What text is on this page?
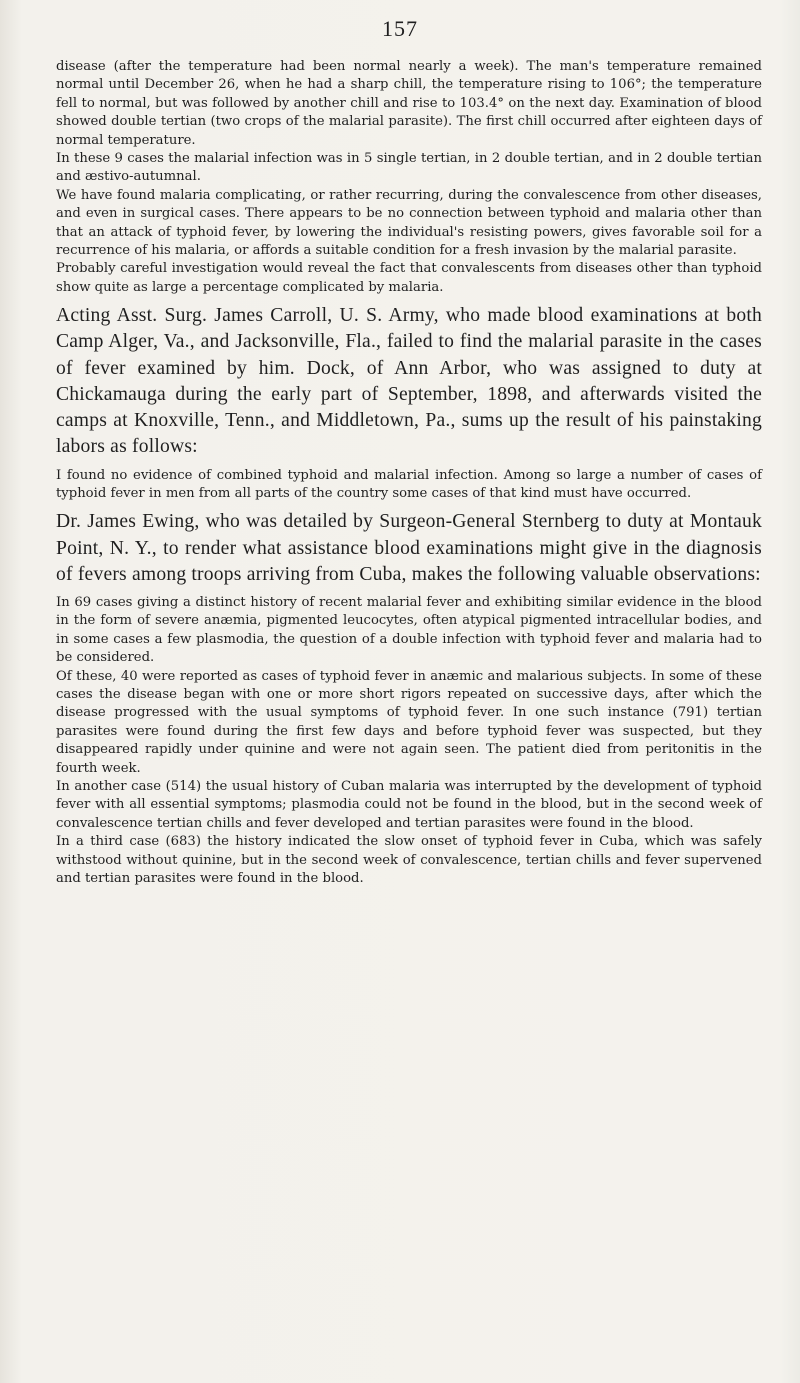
157

disease (after the temperature had been normal nearly a week). The man's temperature remained normal until December 26, when he had a sharp chill, the temperature rising to 106°; the temperature fell to normal, but was followed by another chill and rise to 103.4° on the next day. Examination of blood showed double tertian (two crops of the malarial parasite). The first chill occurred after eighteen days of normal temperature.

In these 9 cases the malarial infection was in 5 single tertian, in 2 double tertian, and in 2 double tertian and æstivo-autumnal.

We have found malaria complicating, or rather recurring, during the convalescence from other diseases, and even in surgical cases. There appears to be no connection between typhoid and malaria other than that an attack of typhoid fever, by lowering the individual's resisting powers, gives favorable soil for a recurrence of his malaria, or affords a suitable condition for a fresh invasion by the malarial parasite.

Probably careful investigation would reveal the fact that convalescents from diseases other than typhoid show quite as large a percentage complicated by malaria.

Acting Asst. Surg. James Carroll, U. S. Army, who made blood examinations at both Camp Alger, Va., and Jacksonville, Fla., failed to find the malarial parasite in the cases of fever examined by him. Dock, of Ann Arbor, who was assigned to duty at Chickamauga during the early part of September, 1898, and afterwards visited the camps at Knoxville, Tenn., and Middletown, Pa., sums up the result of his painstaking labors as follows:

I found no evidence of combined typhoid and malarial infection. Among so large a number of cases of typhoid fever in men from all parts of the country some cases of that kind must have occurred.

Dr. James Ewing, who was detailed by Surgeon-General Sternberg to duty at Montauk Point, N. Y., to render what assistance blood examinations might give in the diagnosis of fevers among troops arriving from Cuba, makes the following valuable observations:

In 69 cases giving a distinct history of recent malarial fever and exhibiting similar evidence in the blood in the form of severe anæmia, pigmented leucocytes, often atypical pigmented intracellular bodies, and in some cases a few plasmodia, the question of a double infection with typhoid fever and malaria had to be considered.

Of these, 40 were reported as cases of typhoid fever in anæmic and malarious subjects. In some of these cases the disease began with one or more short rigors repeated on successive days, after which the disease progressed with the usual symptoms of typhoid fever. In one such instance (791) tertian parasites were found during the first few days and before typhoid fever was suspected, but they disappeared rapidly under quinine and were not again seen. The patient died from peritonitis in the fourth week.

In another case (514) the usual history of Cuban malaria was interrupted by the development of typhoid fever with all essential symptoms; plasmodia could not be found in the blood, but in the second week of convalescence tertian chills and fever developed and tertian parasites were found in the blood.

In a third case (683) the history indicated the slow onset of typhoid fever in Cuba, which was safely withstood without quinine, but in the second week of convalescence, tertian chills and fever supervened and tertian parasites were found in the blood.
